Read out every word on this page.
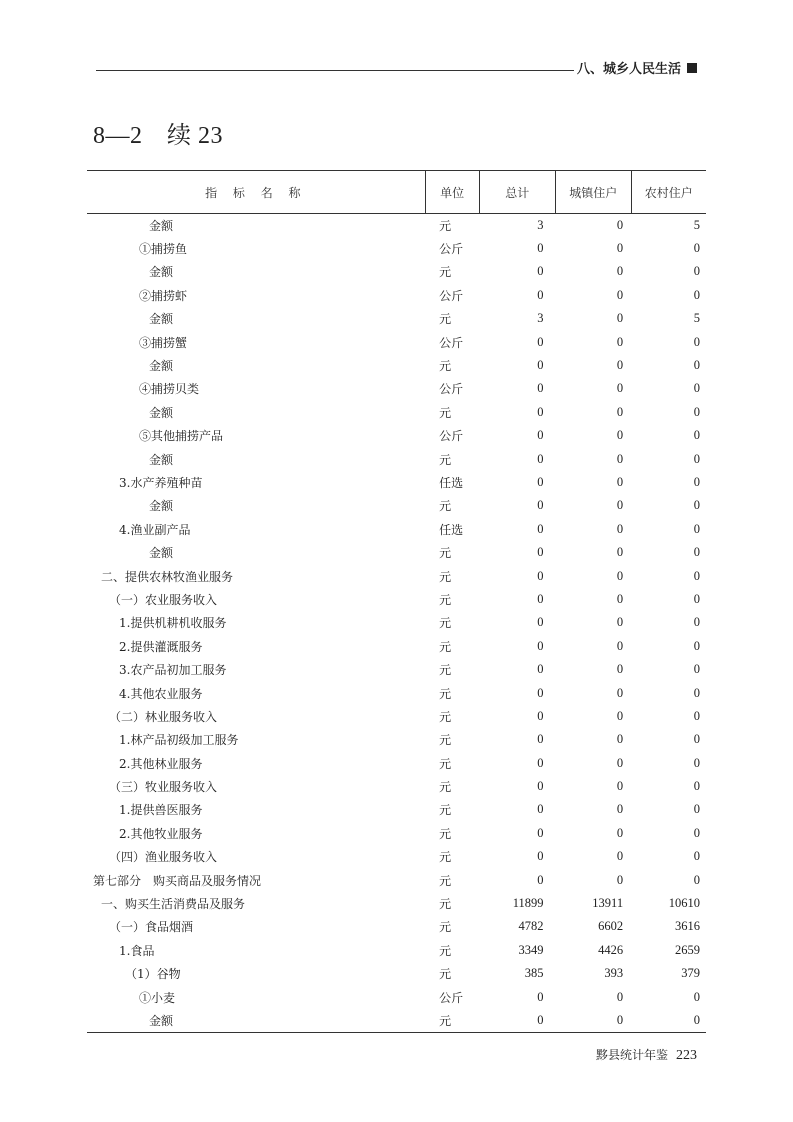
八、城乡人民生活
8—2　续 23
指 标 名 称	单位	总计	城镇住户	农村住户
金额	元	3	0	5
①捕捞鱼	公斤	0	0	0
金额	元	0	0	0
②捕捞虾	公斤	0	0	0
金额	元	3	0	5
③捕捞蟹	公斤	0	0	0
金额	元	0	0	0
④捕捞贝类	公斤	0	0	0
金额	元	0	0	0
⑤其他捕捞产品	公斤	0	0	0
金额	元	0	0	0
3.水产养殖种苗	任选	0	0	0
金额	元	0	0	0
4.渔业副产品	任选	0	0	0
金额	元	0	0	0
二、提供农林牧渔业服务	元	0	0	0
（一）农业服务收入	元	0	0	0
1.提供机耕机收服务	元	0	0	0
2.提供灌溉服务	元	0	0	0
3.农产品初加工服务	元	0	0	0
4.其他农业服务	元	0	0	0
（二）林业服务收入	元	0	0	0
1.林产品初级加工服务	元	0	0	0
2.其他林业服务	元	0	0	0
（三）牧业服务收入	元	0	0	0
1.提供兽医服务	元	0	0	0
2.其他牧业服务	元	0	0	0
（四）渔业服务收入	元	0	0	0
第七部分　购买商品及服务情况	元	0	0	0
一、购买生活消费品及服务	元	11899	13911	10610
（一）食品烟酒	元	4782	6602	3616
1.食品	元	3349	4426	2659
（1）谷物	元	385	393	379
①小麦	公斤	0	0	0
金额	元	0	0	0
黟县统计年鉴 223
